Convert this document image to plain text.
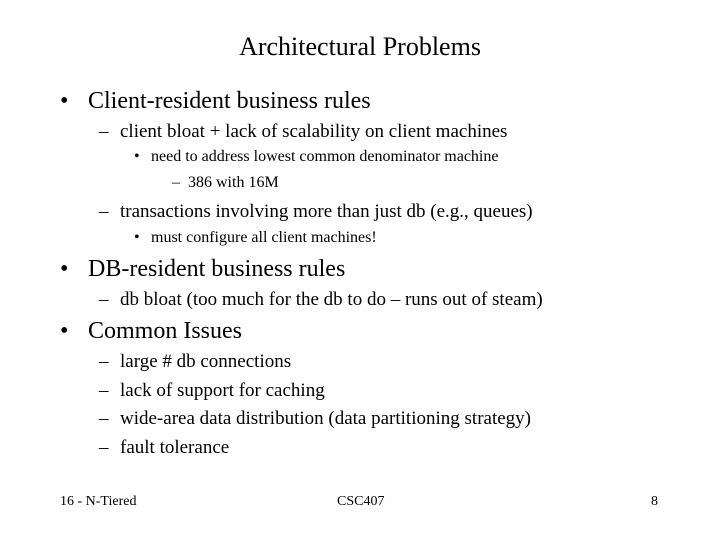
Architectural Problems
• Client-resident business rules
– client bloat + lack of scalability on client machines
• need to address lowest common denominator machine
– 386 with 16M
– transactions involving more than just db (e.g., queues)
• must configure all client machines!
• DB-resident business rules
– db bloat (too much for the db to do – runs out of steam)
• Common Issues
– large # db connections
– lack of support for caching
– wide-area data distribution (data partitioning strategy)
– fault tolerance
16 - N-Tiered	CSC407	8
